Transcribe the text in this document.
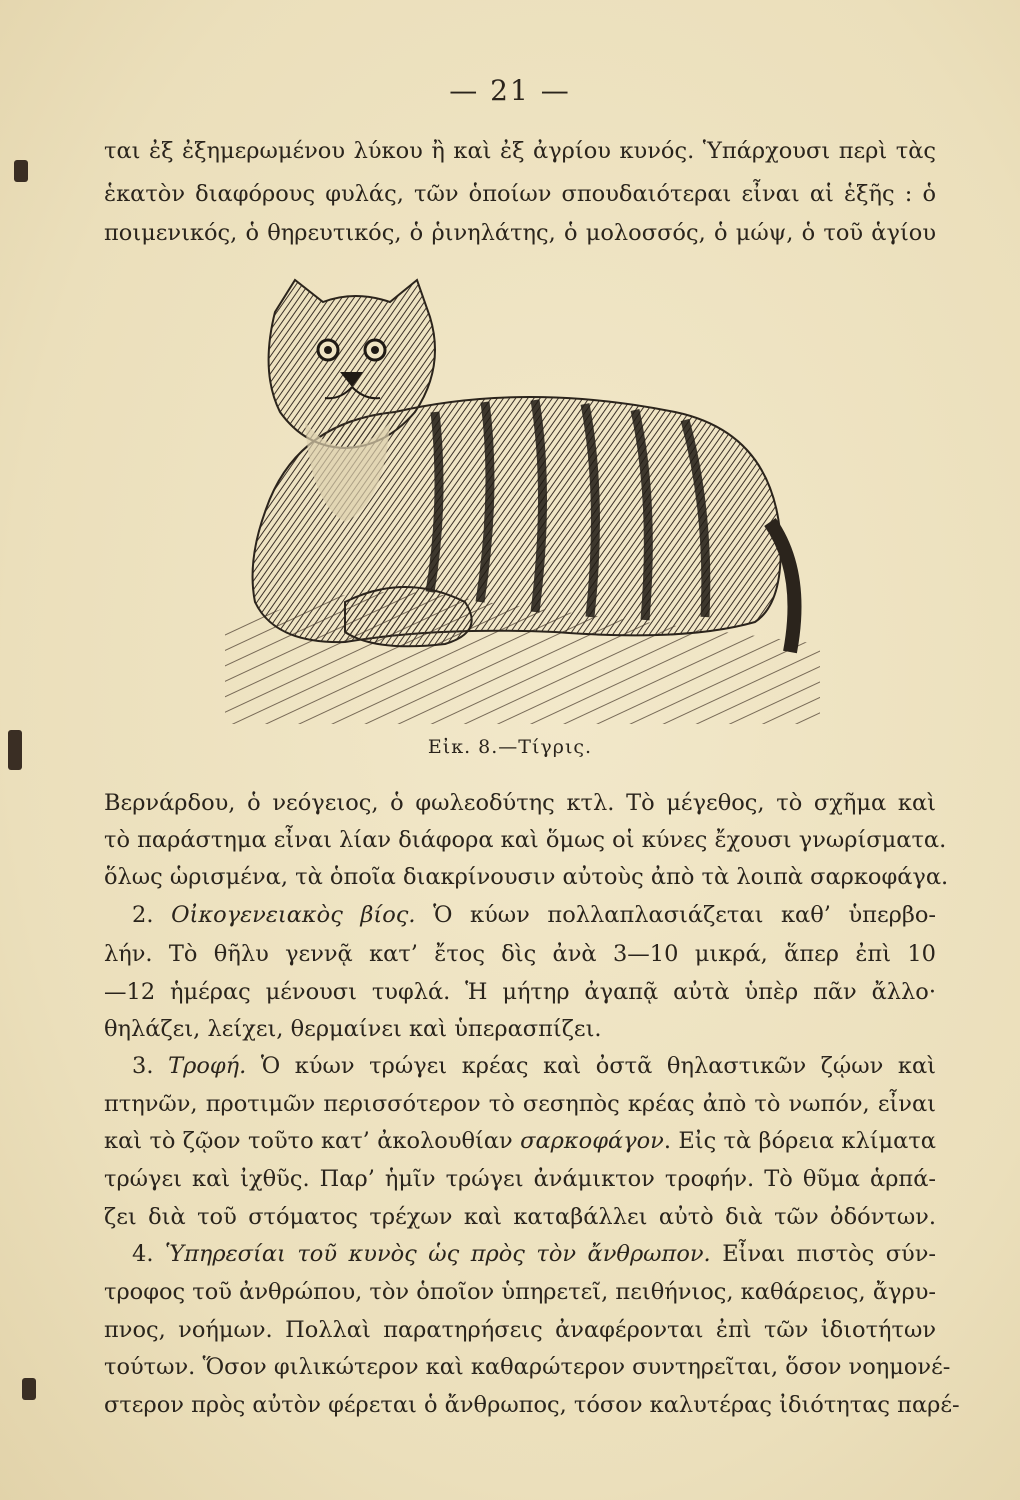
— 21 —
ται ἐξ ἐξημερωμένου λύκου ἢ καὶ ἐξ ἀγρίου κυνός. Ὑπάρχουσι περὶ τὰς
ἑκατὸν διαφόρους φυλάς, τῶν ὁποίων σπουδαιότεραι εἶναι αἱ ἑξῆς : ὁ
ποιμενικός, ὁ θηρευτικός, ὁ ῥινηλάτης, ὁ μολοσσός, ὁ μώψ, ὁ τοῦ ἁγίου
Εἰκ. 8.—Τίγρις.
Βερνάρδου, ὁ νεόγειος, ὁ φωλεοδύτης κτλ. Τὸ μέγεθος, τὸ σχῆμα καὶ
τὸ παράστημα εἶναι λίαν διάφορα καὶ ὅμως οἱ κύνες ἔχουσι γνωρίσματα.
ὅλως ὡρισμένα, τὰ ὁποῖα διακρίνουσιν αὐτοὺς ἀπὸ τὰ λοιπὰ σαρκοφάγα.
2. Οἰκογενειακὸς βίος. Ὁ κύων πολλαπλασιάζεται καθ’ ὑπερβο-
λήν. Τὸ θῆλυ γεννᾷ κατ’ ἔτος δὶς ἀνὰ 3—10 μικρά, ἅπερ ἐπὶ 10
—12 ἡμέρας μένουσι τυφλά. Ἡ μήτηρ ἀγαπᾷ αὐτὰ ὑπὲρ πᾶν ἄλλο·
θηλάζει, λείχει, θερμαίνει καὶ ὑπερασπίζει.
3. Τροφή. Ὁ κύων τρώγει κρέας καὶ ὀστᾶ θηλαστικῶν ζῴων καὶ
πτηνῶν, προτιμῶν περισσότερον τὸ σεσηπὸς κρέας ἀπὸ τὸ νωπόν, εἶναι
καὶ τὸ ζῷον τοῦτο κατ’ ἀκολουθίαν σαρκοφάγον. Εἰς τὰ βόρεια κλίματα
τρώγει καὶ ἰχθῦς. Παρ’ ἡμῖν τρώγει ἀνάμικτον τροφήν. Τὸ θῦμα ἁρπά-
ζει διὰ τοῦ στόματος τρέχων καὶ καταβάλλει αὐτὸ διὰ τῶν ὀδόντων.
4. Ὑπηρεσίαι τοῦ κυνὸς ὡς πρὸς τὸν ἄνθρωπον. Εἶναι πιστὸς σύν-
τροφος τοῦ ἀνθρώπου, τὸν ὁποῖον ὑπηρετεῖ, πειθήνιος, καθάρειος, ἄγρυ-
πνος, νοήμων. Πολλαὶ παρατηρήσεις ἀναφέρονται ἐπὶ τῶν ἰδιοτήτων
τούτων. Ὅσον φιλικώτερον καὶ καθαρώτερον συντηρεῖται, ὅσον νοημονέ-
στερον πρὸς αὐτὸν φέρεται ὁ ἄνθρωπος, τόσον καλυτέρας ἰδιότητας παρέ-
